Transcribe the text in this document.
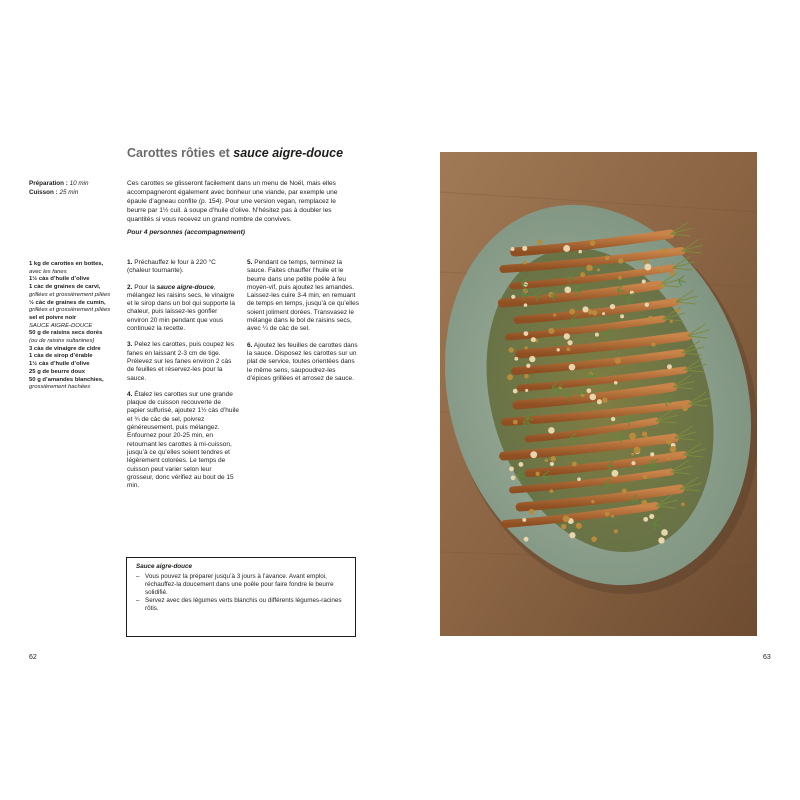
Carottes rôties et sauce aigre-douce
Préparation : 10 min
Cuisson : 25 min

Ces carottes se glisseront facilement dans un menu de Noël, mais elles accompagneront également avec bonheur une viande, par exemple une épaule d’agneau confite (p. 154). Pour une version vegan, remplacez le beurre par 1½ cuil. à soupe d’huile d’olive. N’hésitez pas à doubler les quantités si vous recevez un grand nombre de convives.

Pour 4 personnes (accompagnement)

1 kg de carottes en bottes,
avec les fanes
1½ càs d’huile d’olive
1 càc de graines de carvi,
grillées et grossièrement pilées
½ càc de graines de cumin,
grillées et grossièrement pilées
sel et poivre noir

SAUCE AIGRE-DOUCE

50 g de raisins secs dorés
(ou de raisins sultanines)
3 càs de vinaigre de cidre
1 càs de sirop d’érable
1½ càs d’huile d’olive
25 g de beurre doux
50 g d’amandes blanchies,
grossièrement hachées

1. Préchauffez le four à 220 °C (chaleur tournante).

2. Pour la sauce aigre-douce, mélangez les raisins secs, le vinaigre et le sirop dans un bol qui supporte la chaleur, puis laissez-les gonfler environ 20 min pendant que vous continuez la recette.

3. Pelez les carottes, puis coupez les fanes en laissant 2-3 cm de tige. Prélevez sur les fanes environ 2 càs de feuilles et réservez-les pour la sauce.

4. Étalez les carottes sur une grande plaque de cuisson recouverte de papier sulfurisé, ajoutez 1½ càs d’huile et ¾ de càc de sel, poivrez généreusement, puis mélangez. Enfournez pour 20-25 min, en retournant les carottes à mi-cuisson, jusqu’à ce qu’elles soient tendres et légèrement colorées. Le temps de cuisson peut varier selon leur grosseur, donc vérifiez au bout de 15 min.

5. Pendant ce temps, terminez la sauce. Faites chauffer l’huile et le beurre dans une petite poêle à feu moyen-vif, puis ajoutez les amandes. Laissez-les cuire 3-4 min, en remuant de temps en temps, jusqu’à ce qu’elles soient joliment dorées. Transvasez le mélange dans le bol de raisins secs, avec ¼ de càc de sel.

6. Ajoutez les feuilles de carottes dans la sauce. Disposez les carottes sur un plat de service, toutes orientées dans le même sens, saupoudrez-les d’épices grillées et arrosez de sauce.

Sauce aigre-douce

– Vous pouvez la préparer jusqu’à 3 jours à l’avance. Avant emploi, réchauffez-la doucement dans une poêle pour faire fondre le beurre solidifié.

– Servez avec des légumes verts blanchis ou différents légumes-racines rôtis.

62	63
